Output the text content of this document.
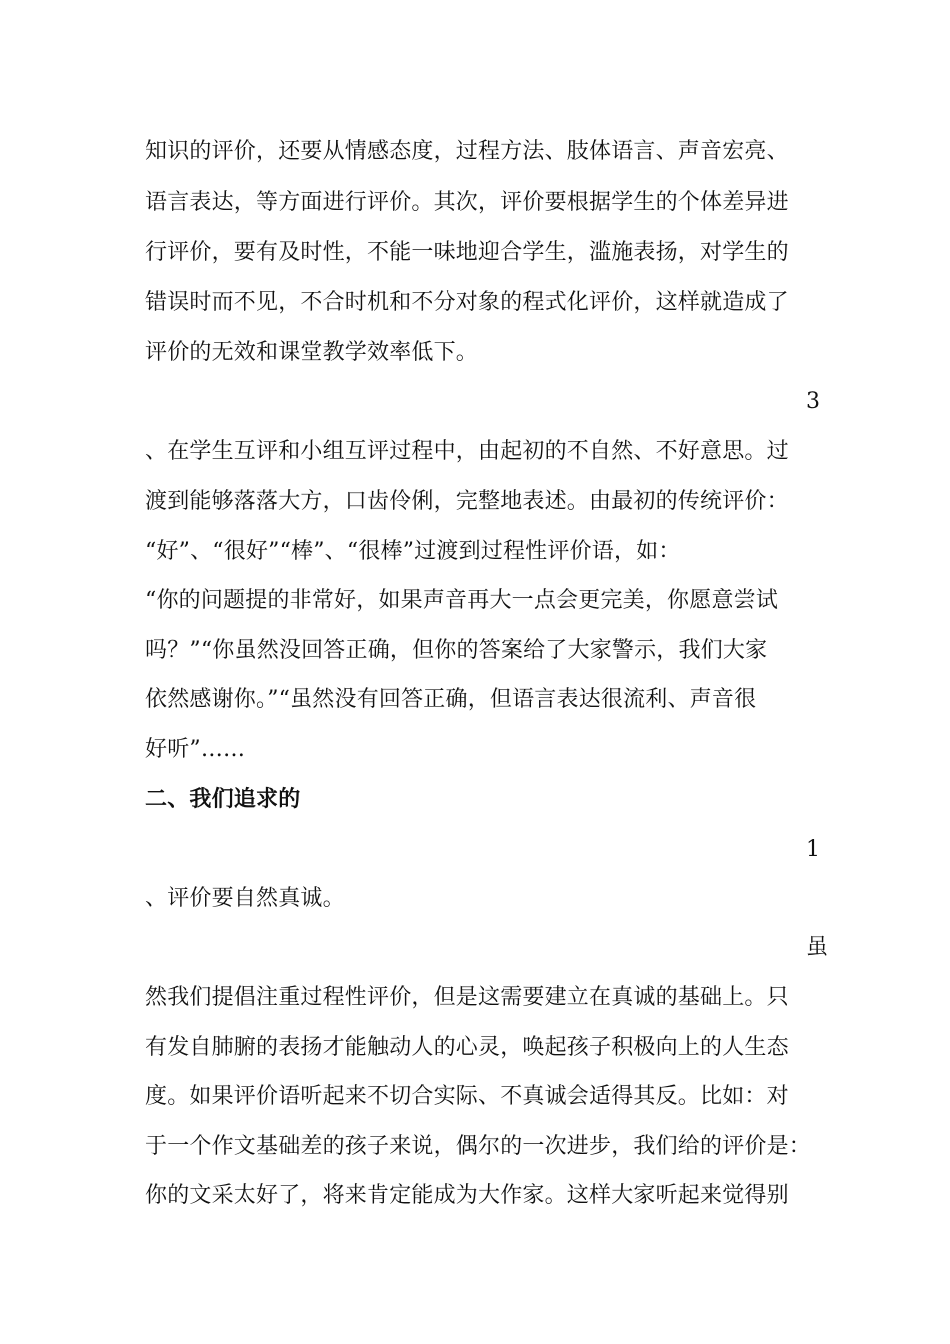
知识的评价，还要从情感态度，过程方法、肢体语言、声音宏亮、
语言表达，等方面进行评价。其次，评价要根据学生的个体差异进
行评价，要有及时性，不能一味地迎合学生，滥施表扬，对学生的
错误时而不见，不合时机和不分对象的程式化评价，这样就造成了
评价的无效和课堂教学效率低下。
3
、在学生互评和小组互评过程中，由起初的不自然、不好意思。过
渡到能够落落大方，口齿伶俐，完整地表述。由最初的传统评价：
“好”、“很好”“棒”、“很棒”过渡到过程性评价语，如：
“你的问题提的非常好，如果声音再大一点会更完美，你愿意尝试
吗？”“你虽然没回答正确，但你的答案给了大家警示，我们大家
依然感谢你。”“虽然没有回答正确，但语言表达很流利、声音很
好听”……
二、我们追求的
1
、评价要自然真诚。
虽
然我们提倡注重过程性评价，但是这需要建立在真诚的基础上。只
有发自肺腑的表扬才能触动人的心灵，唤起孩子积极向上的人生态
度。如果评价语听起来不切合实际、不真诚会适得其反。比如：对
于一个作文基础差的孩子来说，偶尔的一次进步，我们给的评价是：
你的文采太好了，将来肯定能成为大作家。这样大家听起来觉得别
